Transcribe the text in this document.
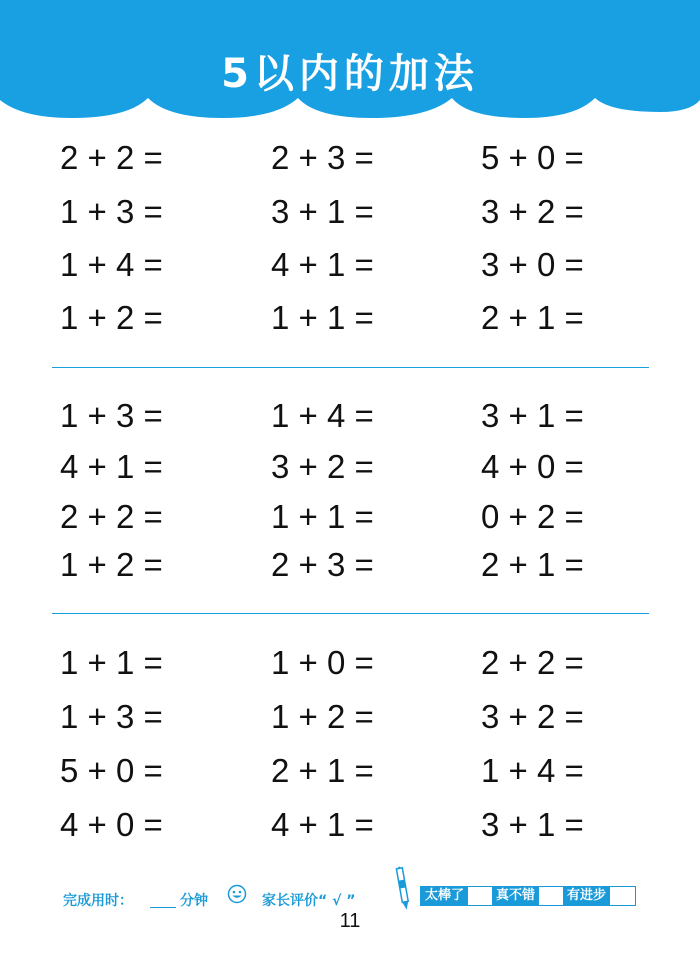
5以内的加法
2 + 2 =	2 + 3 =	5 + 0 =
1 + 3 =	3 + 1 =	3 + 2 =
1 + 4 =	4 + 1 =	3 + 0 =
1 + 2 =	1 + 1 =	2 + 1 =
1 + 3 =	1 + 4 =	3 + 1 =
4 + 1 =	3 + 2 =	4 + 0 =
2 + 2 =	1 + 1 =	0 + 2 =
1 + 2 =	2 + 3 =	2 + 1 =
1 + 1 =	1 + 0 =	2 + 2 =
1 + 3 =	1 + 2 =	3 + 2 =
5 + 0 =	2 + 1 =	1 + 4 =
4 + 0 =	4 + 1 =	3 + 1 =
完成用时：	分钟	家长评价“ √ ”	太棒了	真不错	有进步
11
